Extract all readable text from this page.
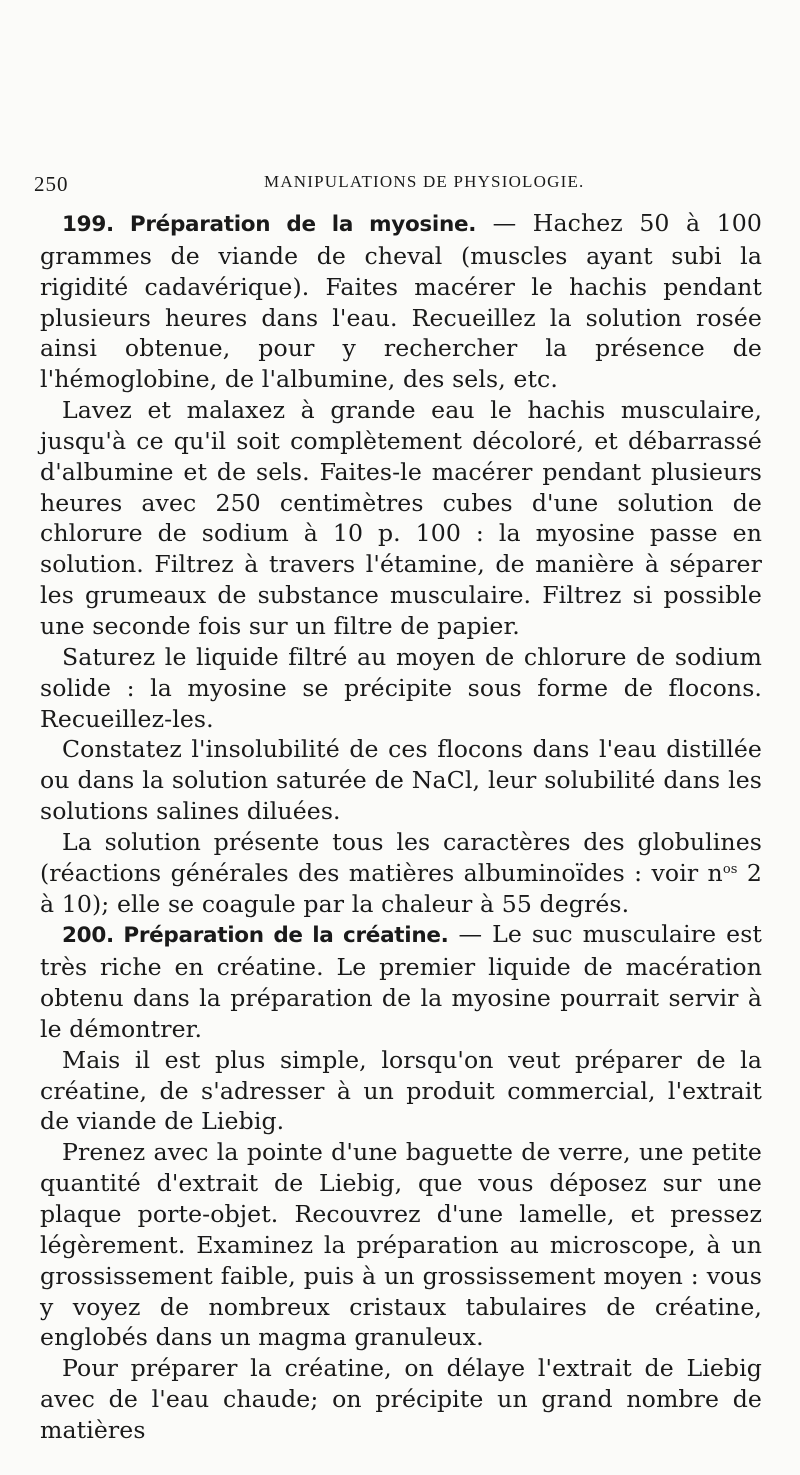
250	MANIPULATIONS DE PHYSIOLOGIE.

199. Préparation de la myosine. — Hachez 50 à 100 grammes de viande de cheval (muscles ayant subi la rigidité cadavérique). Faites macérer le hachis pendant plusieurs heures dans l'eau. Recueillez la solution rosée ainsi obtenue, pour y rechercher la présence de l'hémoglobine, de l'albumine, des sels, etc.

Lavez et malaxez à grande eau le hachis musculaire, jusqu'à ce qu'il soit complètement décoloré, et débarrassé d'albumine et de sels. Faites-le macérer pendant plusieurs heures avec 250 centimètres cubes d'une solution de chlorure de sodium à 10 p. 100 : la myosine passe en solution. Filtrez à travers l'étamine, de manière à séparer les grumeaux de substance musculaire. Filtrez si possible une seconde fois sur un filtre de papier.

Saturez le liquide filtré au moyen de chlorure de sodium solide : la myosine se précipite sous forme de flocons. Recueillez-les.

Constatez l'insolubilité de ces flocons dans l'eau distillée ou dans la solution saturée de NaCl, leur solubilité dans les solutions salines diluées.

La solution présente tous les caractères des globulines (réactions générales des matières albuminoïdes : voir $n^{os}$ 2 à 10); elle se coagule par la chaleur à 55 degrés.

200. Préparation de la créatine. — Le suc musculaire est très riche en créatine. Le premier liquide de macération obtenu dans la préparation de la myosine pourrait servir à le démontrer.

Mais il est plus simple, lorsqu'on veut préparer de la créatine, de s'adresser à un produit commercial, l'extrait de viande de Liebig.

Prenez avec la pointe d'une baguette de verre, une petite quantité d'extrait de Liebig, que vous déposez sur une plaque porte-objet. Recouvrez d'une lamelle, et pressez légèrement. Examinez la préparation au microscope, à un grossissement faible, puis à un grossissement moyen : vous y voyez de nombreux cristaux tabulaires de créatine, englobés dans un magma granuleux.

Pour préparer la créatine, on délaye l'extrait de Liebig avec de l'eau chaude; on précipite un grand nombre de matières
